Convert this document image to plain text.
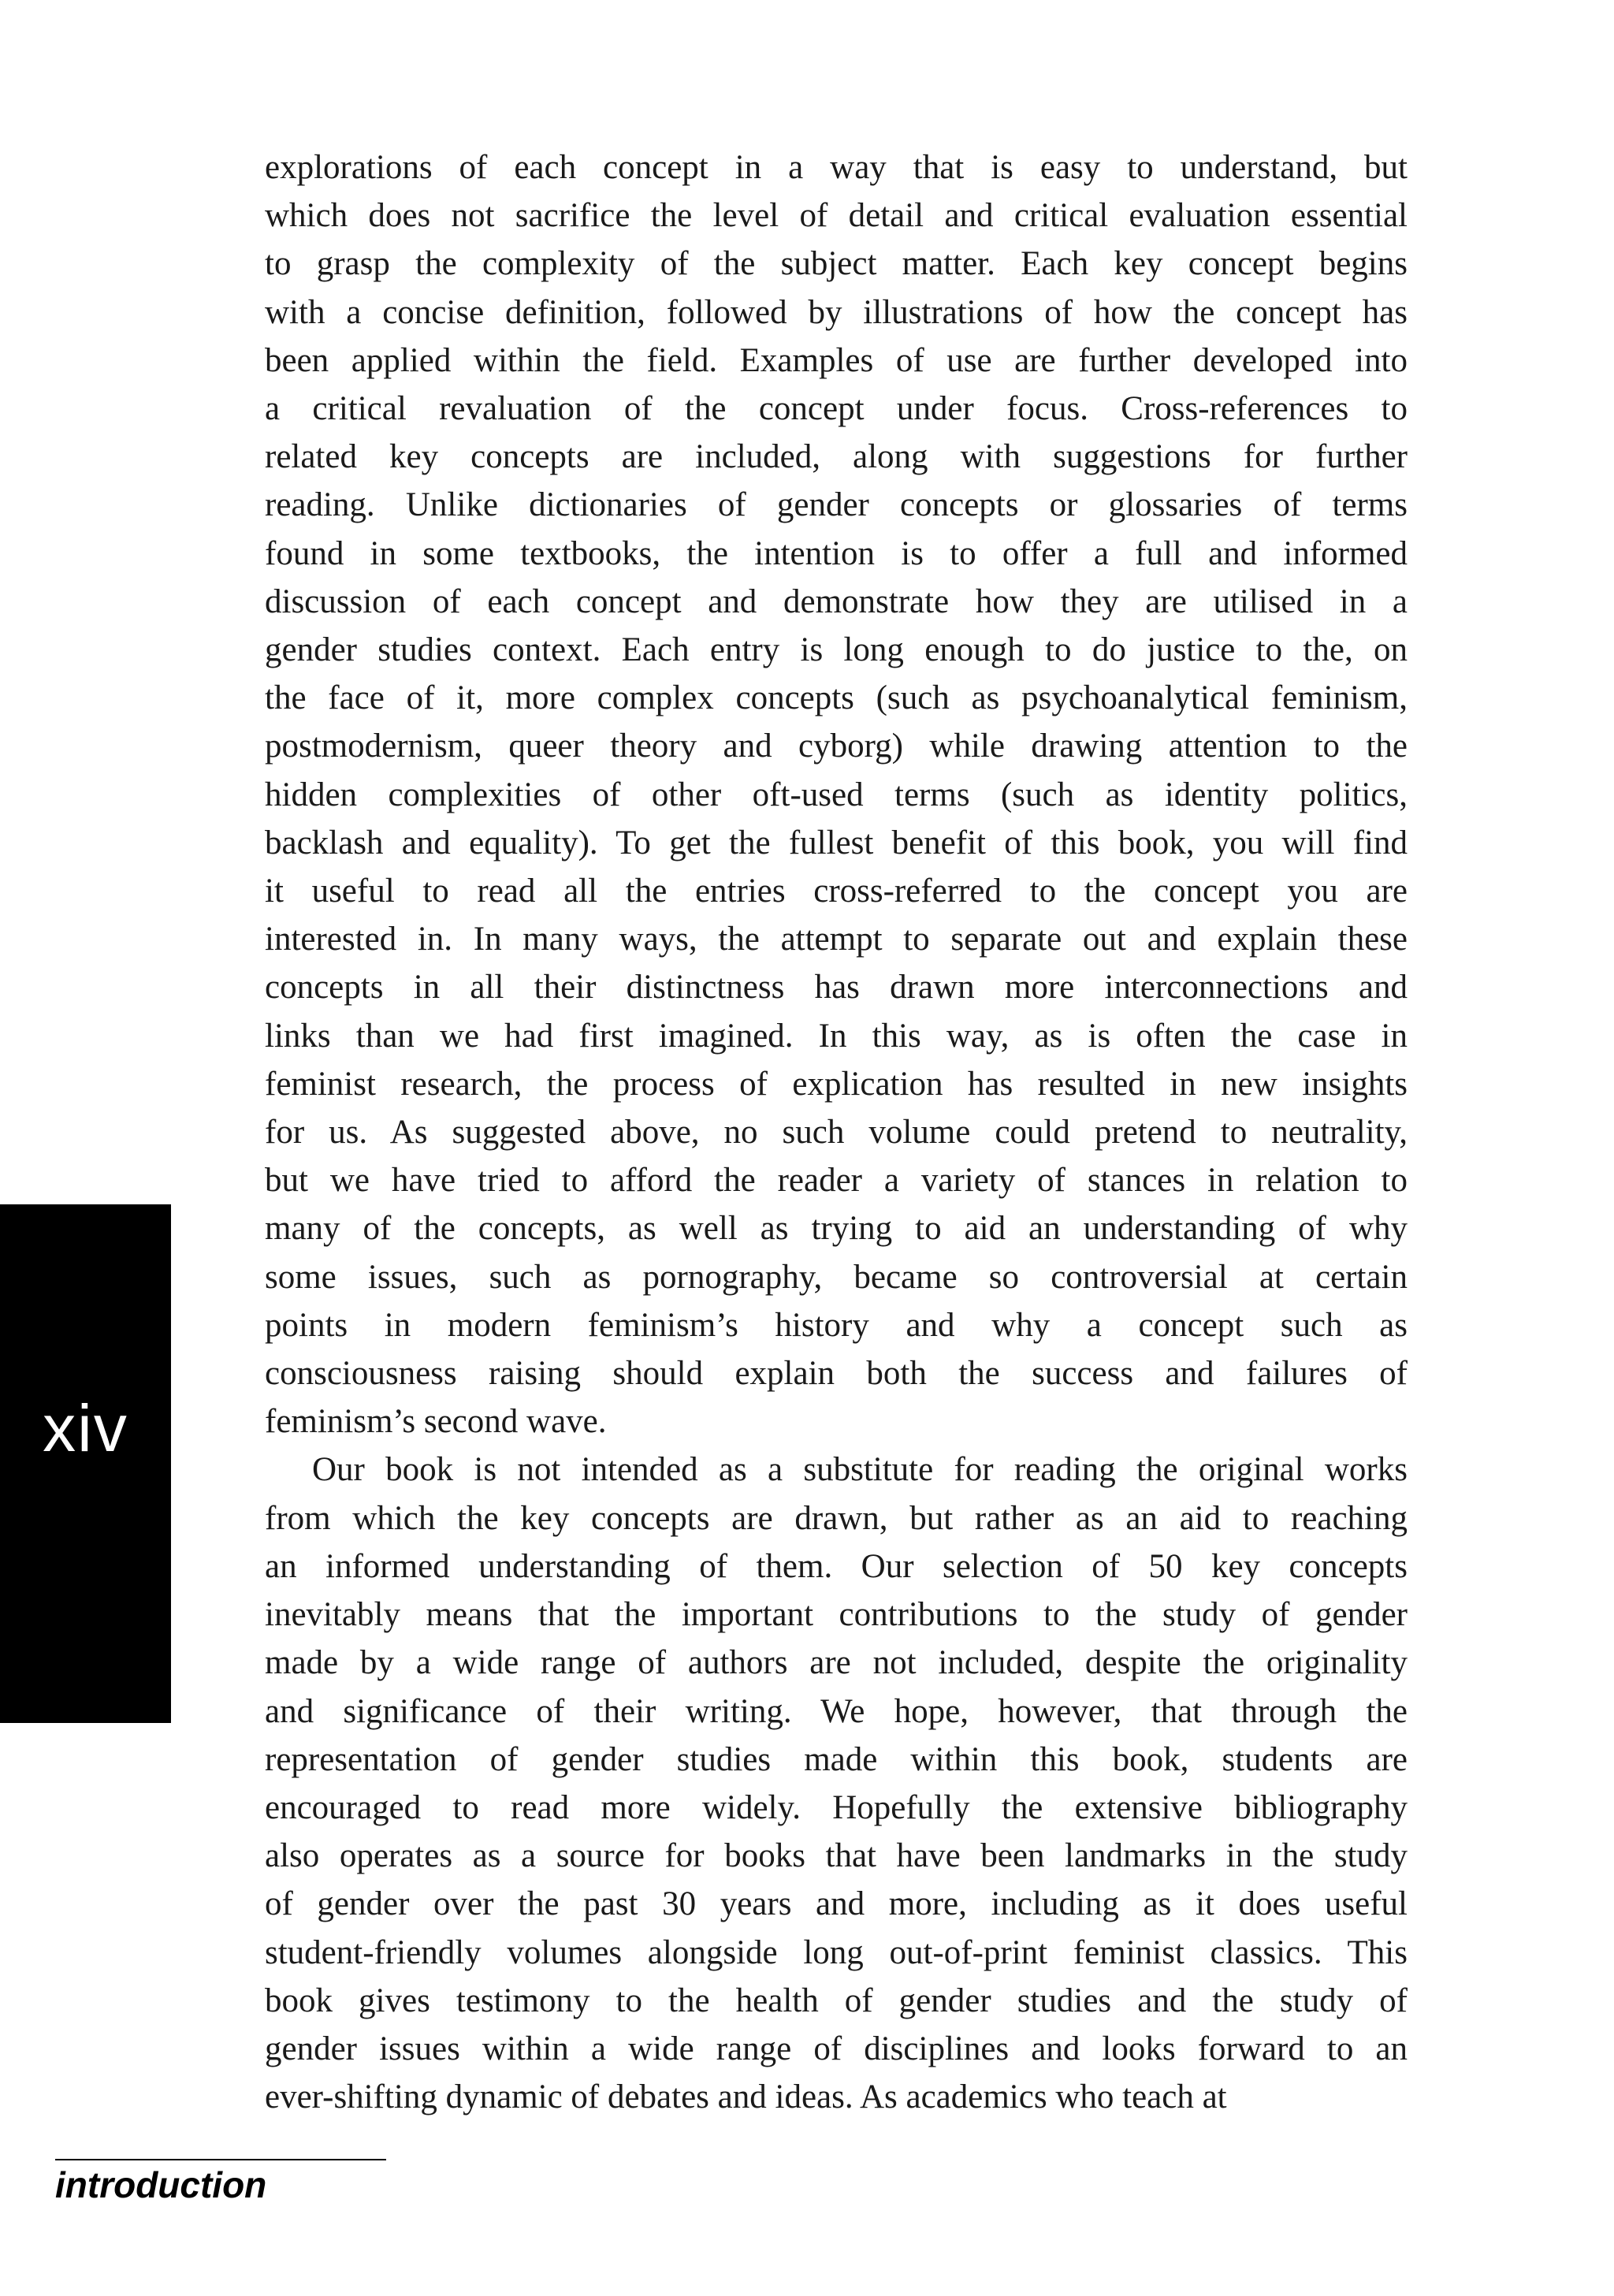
explorations of each concept in a way that is easy to understand, but
which does not sacrifice the level of detail and critical evaluation essential
to grasp the complexity of the subject matter. Each key concept begins
with a concise definition, followed by illustrations of how the concept has
been applied within the field. Examples of use are further developed into
a critical revaluation of the concept under focus. Cross-references to
related key concepts are included, along with suggestions for further
reading. Unlike dictionaries of gender concepts or glossaries of terms
found in some textbooks, the intention is to offer a full and informed
discussion of each concept and demonstrate how they are utilised in a
gender studies context. Each entry is long enough to do justice to the, on
the face of it, more complex concepts (such as psychoanalytical feminism,
postmodernism, queer theory and cyborg) while drawing attention to the
hidden complexities of other oft-used terms (such as identity politics,
backlash and equality). To get the fullest benefit of this book, you will find
it useful to read all the entries cross-referred to the concept you are
interested in. In many ways, the attempt to separate out and explain these
concepts in all their distinctness has drawn more interconnections and
links than we had first imagined. In this way, as is often the case in
feminist research, the process of explication has resulted in new insights
for us. As suggested above, no such volume could pretend to neutrality,
but we have tried to afford the reader a variety of stances in relation to
many of the concepts, as well as trying to aid an understanding of why
some issues, such as pornography, became so controversial at certain
points in modern feminism’s history and why a concept such as
consciousness raising should explain both the success and failures of
feminism’s second wave.

Our book is not intended as a substitute for reading the original works
from which the key concepts are drawn, but rather as an aid to reaching
an informed understanding of them. Our selection of 50 key concepts
inevitably means that the important contributions to the study of gender
made by a wide range of authors are not included, despite the originality
and significance of their writing. We hope, however, that through the
representation of gender studies made within this book, students are
encouraged to read more widely. Hopefully the extensive bibliography
also operates as a source for books that have been landmarks in the study
of gender over the past 30 years and more, including as it does useful
student-friendly volumes alongside long out-of-print feminist classics. This
book gives testimony to the health of gender studies and the study of
gender issues within a wide range of disciplines and looks forward to an
ever-shifting dynamic of debates and ideas. As academics who teach at

xiv
introduction
